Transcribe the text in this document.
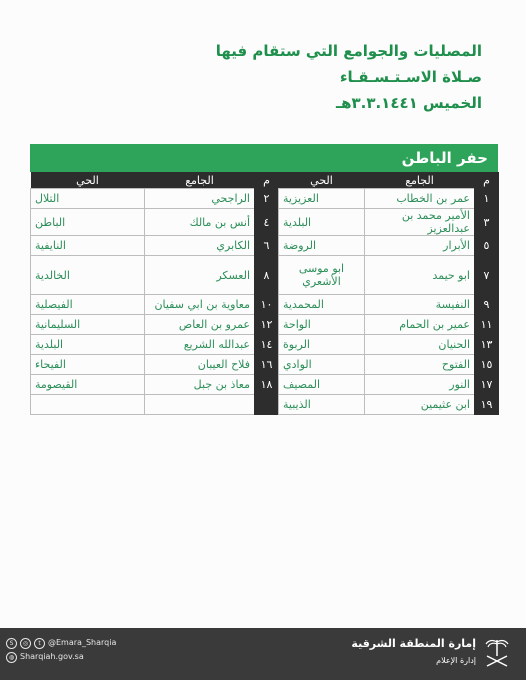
المصليات والجوامع التي ستقام فيها
صـلاة الاسـتـسـقـاء
الخميس ٣.٣.١٤٤١هـ
حفر الباطن
م	الجامع	الحي	م	الجامع	الحي
١	عمر بن الخطاب	العزيزية	٢	الراجحي	التلال
٣	الأمير محمد بن عبدالعزيز	البلدية	٤	أنس بن مالك	الباطن
٥	الأبرار	الروضة	٦	الكابري	النايفية
٧	ابو حيمد	ابو موسى الأشعري	٨	العسكر	الخالدية
٩	النفيسة	المحمدية	١٠	معاوية بن ابي سفيان	الفيصلية
١١	عمير بن الحمام	الواحة	١٢	عمرو بن العاص	السليمانية
١٣	الحنيان	الربوة	١٤	عبدالله الشريع	البلدية
١٥	الفتوح	الوادي	١٦	فلاح العيبان	الفيحاء
١٧	النور	المصيف	١٨	معاذ بن جبل	القيصومة
١٩	ابن عثيمين	الذيبية			
S	◎	t @Emara_Sharqia
◍ Sharqiah.gov.sa
إمارة المنطقة الشرقية
إدارة الإعلام
